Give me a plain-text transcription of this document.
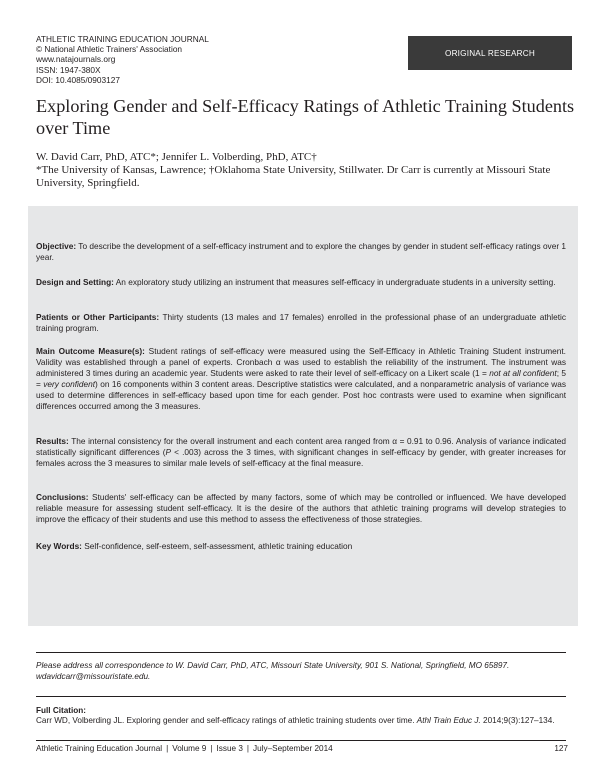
ATHLETIC TRAINING EDUCATION JOURNAL
© National Athletic Trainers' Association
www.natajournals.org
ISSN: 1947-380X
DOI: 10.4085/0903127
ORIGINAL RESEARCH
Exploring Gender and Self-Efficacy Ratings of Athletic Training Students over Time
W. David Carr, PhD, ATC*; Jennifer L. Volberding, PhD, ATC†
*The University of Kansas, Lawrence; †Oklahoma State University, Stillwater. Dr Carr is currently at Missouri State University, Springfield.

Objective: To describe the development of a self-efficacy instrument and to explore the changes by gender in student self-efficacy ratings over 1 year.

Design and Setting: An exploratory study utilizing an instrument that measures self-efficacy in undergraduate students in a university setting.

Patients or Other Participants: Thirty students (13 males and 17 females) enrolled in the professional phase of an undergraduate athletic training program.

Main Outcome Measure(s): Student ratings of self-efficacy were measured using the Self-Efficacy in Athletic Training Student instrument. Validity was established through a panel of experts. Cronbach α was used to establish the reliability of the instrument. The instrument was administered 3 times during an academic year. Students were asked to rate their level of self-efficacy on a Likert scale (1 = not at all confident; 5 = very confident) on 16 components within 3 content areas. Descriptive statistics were calculated, and a nonparametric analysis of variance was used to determine differences in self-efficacy based upon time for each gender. Post hoc contrasts were used to examine when significant differences occurred among the 3 measures.

Results: The internal consistency for the overall instrument and each content area ranged from α = 0.91 to 0.96. Analysis of variance indicated statistically significant differences (P < .003) across the 3 times, with significant changes in self-efficacy by gender, with greater increases for females across the 3 measures to similar male levels of self-efficacy at the final measure.

Conclusions: Students' self-efficacy can be affected by many factors, some of which may be controlled or influenced. We have developed reliable measure for assessing student self-efficacy. It is the desire of the authors that athletic training programs will develop strategies to improve the efficacy of their students and use this method to assess the effectiveness of those strategies.

Key Words: Self-confidence, self-esteem, self-assessment, athletic training education

Please address all correspondence to W. David Carr, PhD, ATC, Missouri State University, 901 S. National, Springfield, MO 65897. wdavidcarr@missouristate.edu.

Full Citation:

Carr WD, Volberding JL. Exploring gender and self-efficacy ratings of athletic training students over time. Athl Train Educ J. 2014;9(3):127–134.

Athletic Training Education Journal | Volume 9 | Issue 3 | July–September 2014	127
